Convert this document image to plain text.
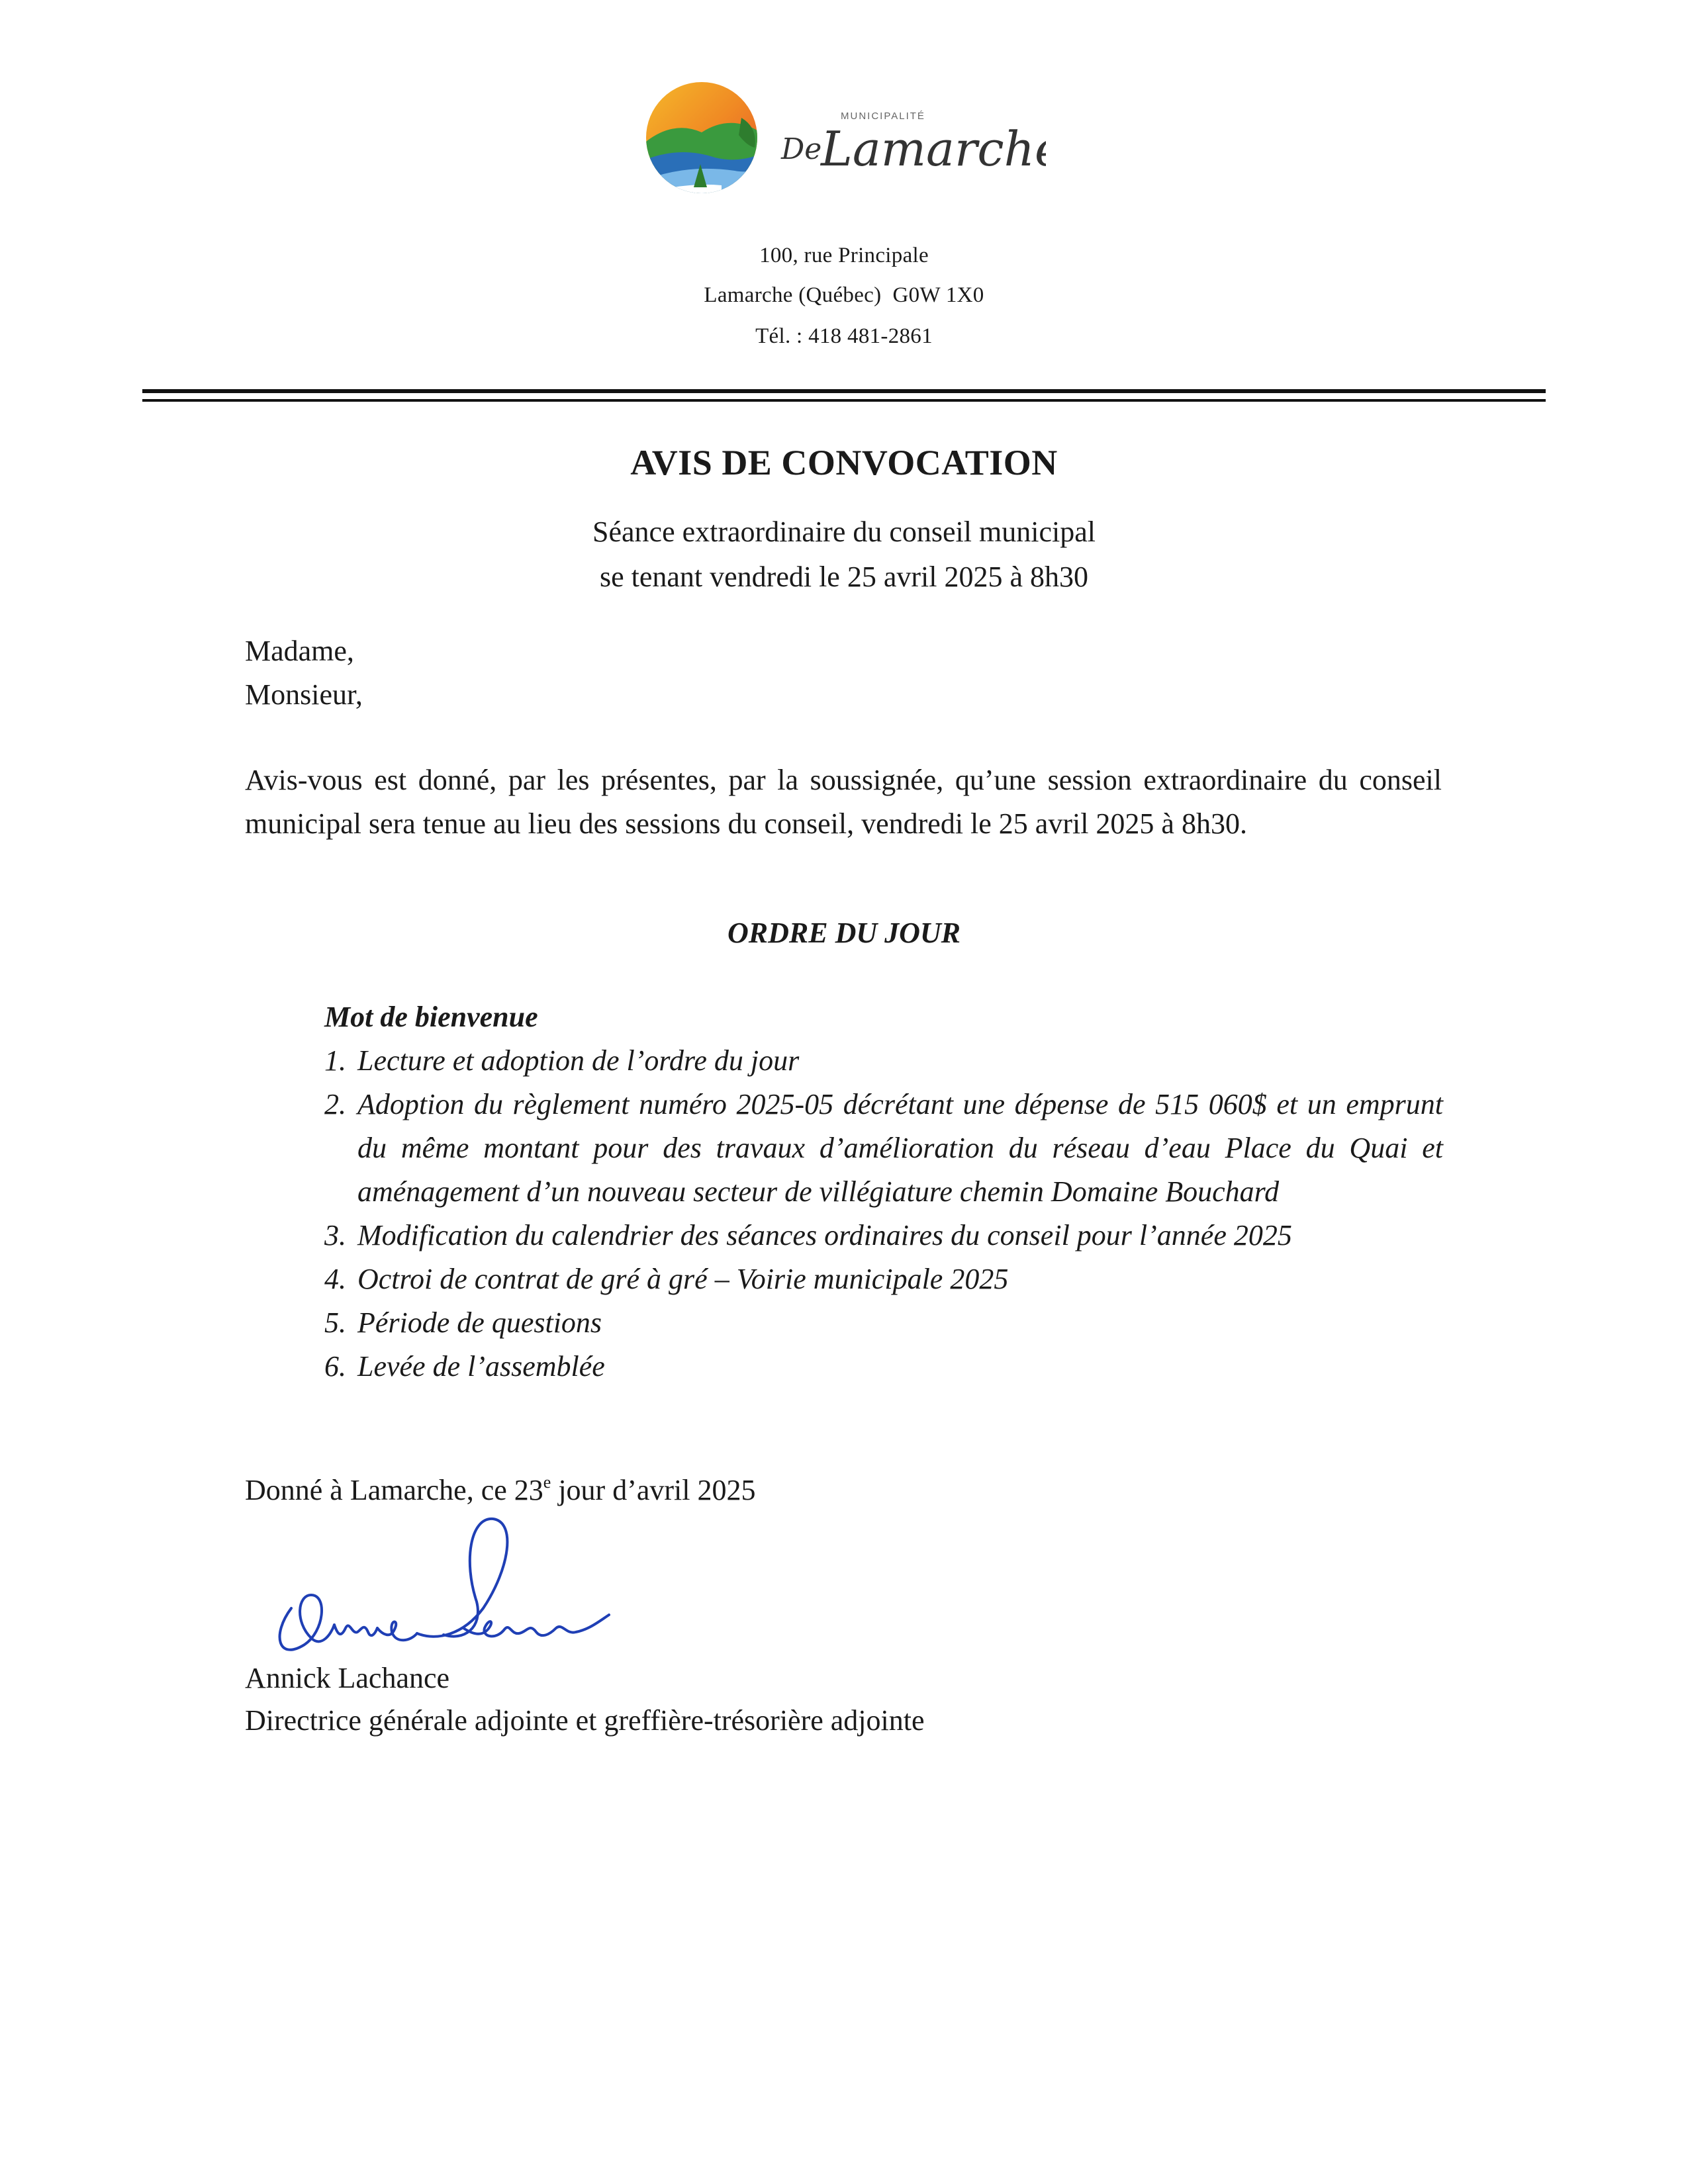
MUNICIPALITÉ
De
Lamarche
100, rue Principale
Lamarche (Québec)  G0W 1X0
Tél. : 418 481-2861
AVIS DE CONVOCATION
Séance extraordinaire du conseil municipal
se tenant vendredi le 25 avril 2025 à 8h30
Madame,
Monsieur,
Avis-vous est donné, par les présentes, par la soussignée, qu’une session extraordinaire du conseil municipal sera tenue au lieu des sessions du conseil, vendredi le 25 avril 2025 à 8h30.
ORDRE DU JOUR
Mot de bienvenue
1. Lecture et adoption de l’ordre du jour
2. Adoption du règlement numéro 2025-05 décrétant une dépense de 515 060$ et un emprunt du même montant pour des travaux d’amélioration du réseau d’eau Place du Quai et aménagement d’un nouveau secteur de villégiature chemin Domaine Bouchard
3. Modification du calendrier des séances ordinaires du conseil pour l’année 2025
4. Octroi de contrat de gré à gré – Voirie municipale 2025
5. Période de questions
6. Levée de l’assemblée
Donné à Lamarche, ce 23e jour d’avril 2025
Annick Lachance
Directrice générale adjointe et greffière-trésorière adjointe
